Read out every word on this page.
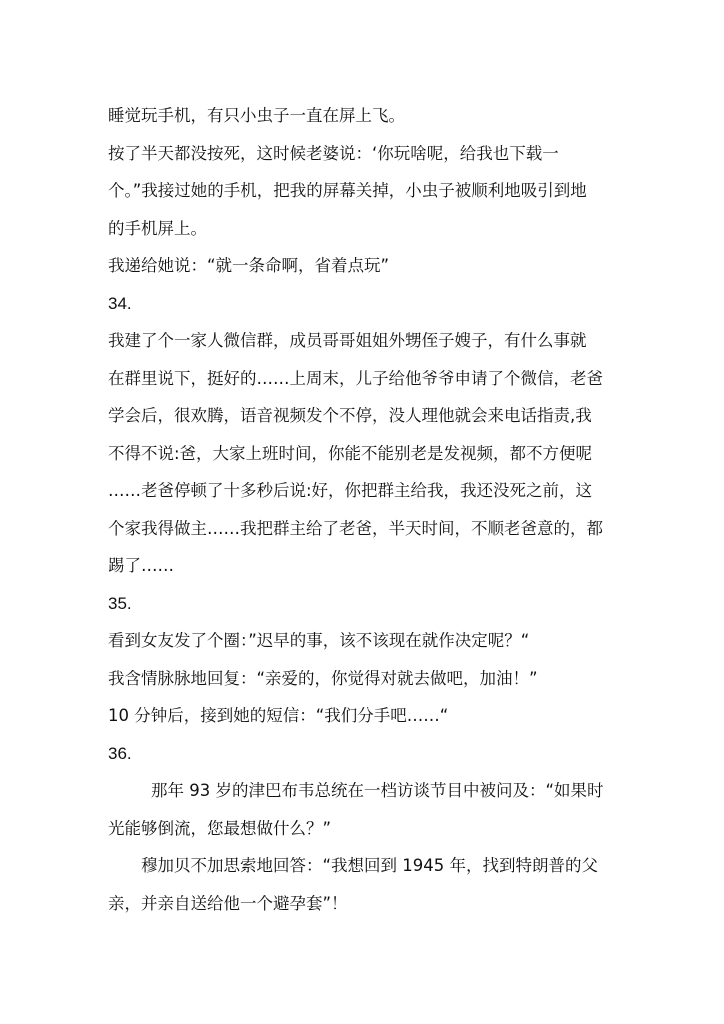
睡觉玩手机，有只小虫子一直在屏上飞。
按了半天都没按死，这时候老婆说：‘你玩啥呢，给我也下载一
个。”我接过她的手机，把我的屏幕关掉，小虫子被顺利地吸引到地
的手机屏上。
我递给她说：“就一条命啊，省着点玩”
34.
我建了个一家人微信群，成员哥哥姐姐外甥侄子嫂子，有什么事就
在群里说下，挺好的……上周末，儿子给他爷爷申请了个微信，老爸
学会后，很欢腾，语音视频发个不停，没人理他就会来电话指责,我
不得不说:爸，大家上班时间，你能不能别老是发视频，都不方便呢
……老爸停顿了十多秒后说:好，你把群主给我，我还没死之前，这
个家我得做主……我把群主给了老爸，半天时间，不顺老爸意的，都
踢了……
35.
看到女友发了个圈：”迟早的事，该不该现在就作决定呢？“
我含情脉脉地回复：“亲爱的，你觉得对就去做吧，加油！”
10 分钟后，接到她的短信：“我们分手吧……“
36.
那年 93 岁的津巴布韦总统在一档访谈节目中被问及：“如果时
光能够倒流，您最想做什么？”
穆加贝不加思索地回答：“我想回到 1945 年，找到特朗普的父
亲，并亲自送给他一个避孕套”！
